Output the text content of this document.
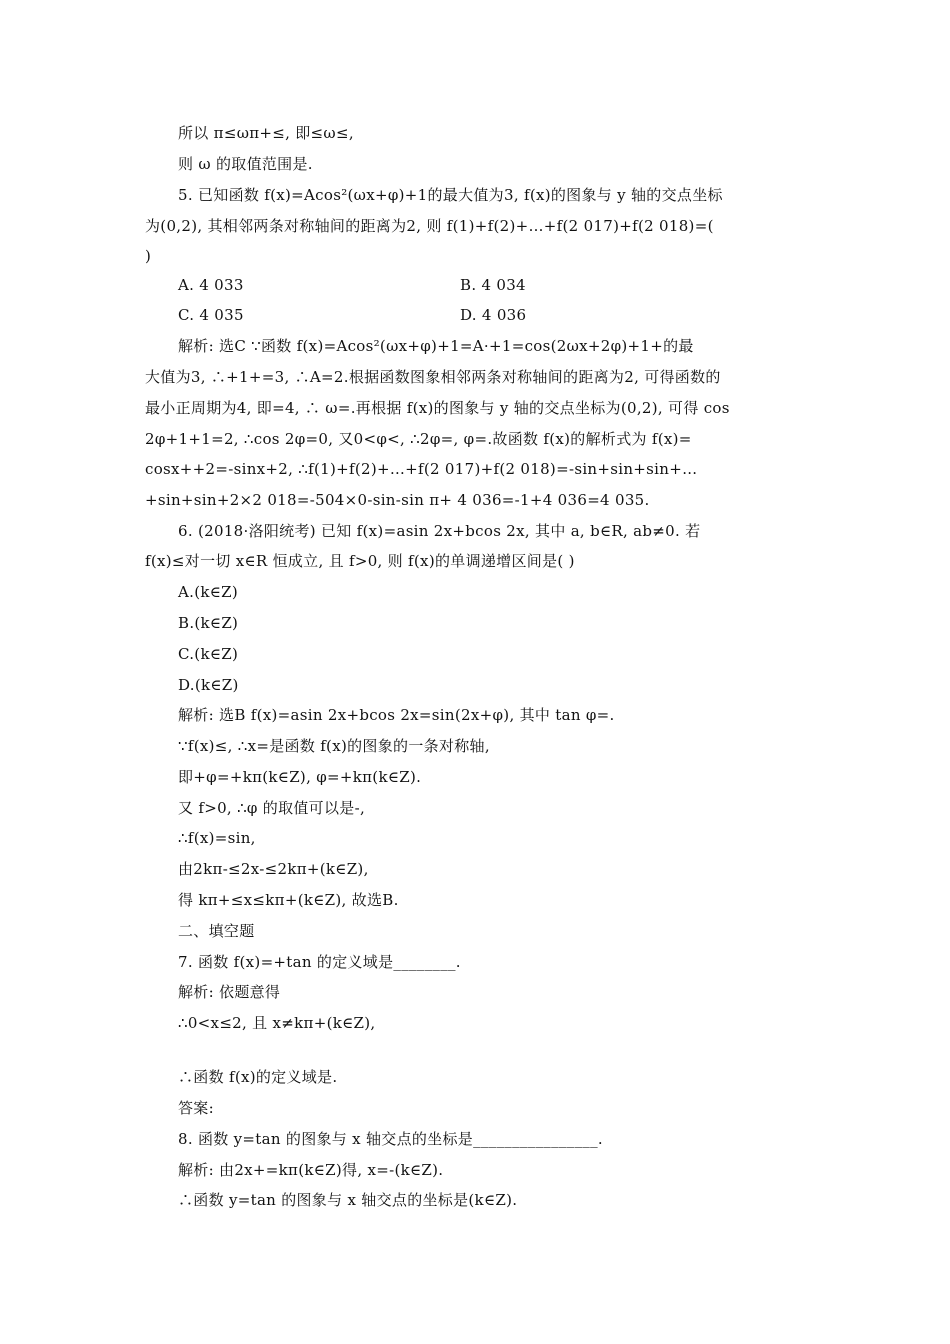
所以 π≤ωπ+≤, 即≤ω≤,
则 ω 的取值范围是.
5. 已知函数 f(x)=Acos²(ωx+φ)+1的最大值为3, f(x)的图象与 y 轴的交点坐标
为(0,2), 其相邻两条对称轴间的距离为2, 则 f(1)+f(2)+…+f(2 017)+f(2 018)=(
)
A. 4 033	B. 4 034
C. 4 035	D. 4 036
解析: 选C ∵函数 f(x)=Acos²(ωx+φ)+1=A·+1=cos(2ωx+2φ)+1+的最
大值为3, ∴+1+=3, ∴A=2.根据函数图象相邻两条对称轴间的距离为2, 可得函数的
最小正周期为4, 即=4, ∴ ω=.再根据 f(x)的图象与 y 轴的交点坐标为(0,2), 可得 cos
2φ+1+1=2, ∴cos 2φ=0, 又0<φ<, ∴2φ=, φ=.故函数 f(x)的解析式为 f(x)=
cosx++2=-sinx+2, ∴f(1)+f(2)+…+f(2 017)+f(2 018)=-sin+sin+sin+…
+sin+sin+2×2 018=-504×0-sin-sin π+ 4 036=-1+4 036=4 035.
6. (2018·洛阳统考) 已知 f(x)=asin 2x+bcos 2x, 其中 a, b∈R, ab≠0. 若
f(x)≤对一切 x∈R 恒成立, 且 f>0, 则 f(x)的单调递增区间是( )
A.(k∈Z)
B.(k∈Z)
C.(k∈Z)
D.(k∈Z)
解析: 选B f(x)=asin 2x+bcos 2x=sin(2x+φ), 其中 tan φ=.
∵f(x)≤, ∴x=是函数 f(x)的图象的一条对称轴,
即+φ=+kπ(k∈Z), φ=+kπ(k∈Z).
又 f>0, ∴φ 的取值可以是-,
∴f(x)=sin,
由2kπ-≤2x-≤2kπ+(k∈Z),
得 kπ+≤x≤kπ+(k∈Z), 故选B.
二、填空题
7. 函数 f(x)=+tan 的定义域是________.
解析: 依题意得
∴0<x≤2, 且 x≠kπ+(k∈Z),
∴函数 f(x)的定义域是.
答案:
8. 函数 y=tan 的图象与 x 轴交点的坐标是________________.
解析: 由2x+=kπ(k∈Z)得, x=-(k∈Z).
∴函数 y=tan 的图象与 x 轴交点的坐标是(k∈Z).
